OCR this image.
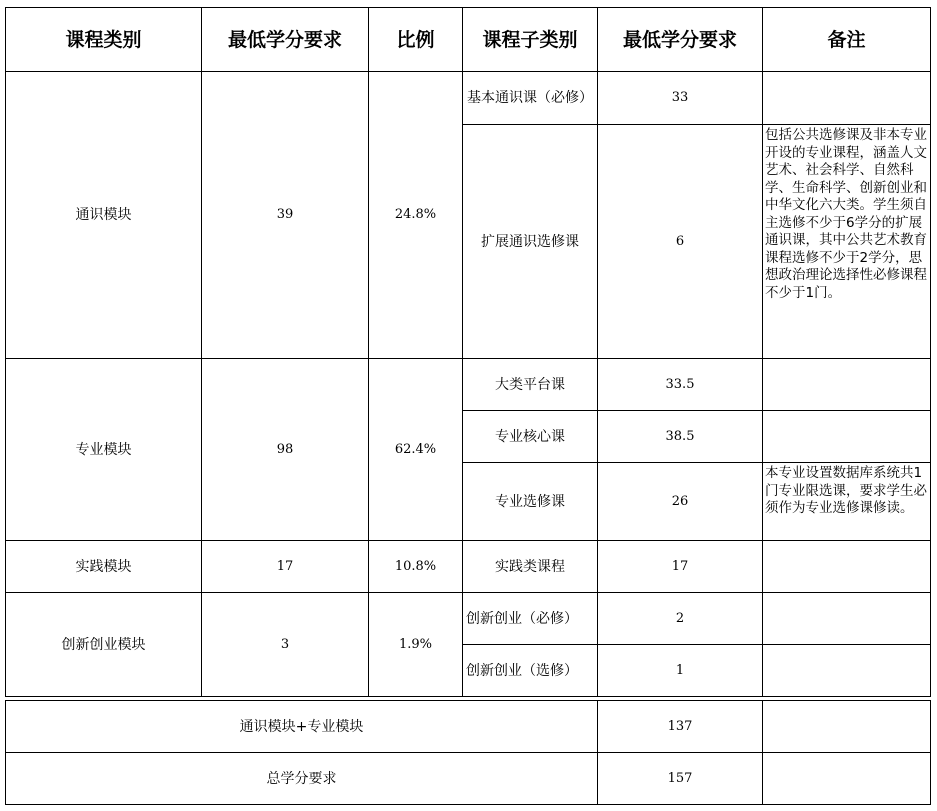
课程类别	最低学分要求	比例	课程子类别	最低学分要求	备注
通识模块	39	24.8%	基本通识课（必修）	33	
			扩展通识选修课	6	包括公共选修课及非本专业开设的专业课程，涵盖人文艺术、社会科学、自然科学、生命科学、创新创业和中华文化六大类。学生须自主选修不少于6学分的扩展通识课，其中公共艺术教育课程选修不少于2学分，思想政治理论选择性必修课程不少于1门。
专业模块	98	62.4%	大类平台课	33.5	
			专业核心课	38.5	
			专业选修课	26	本专业设置数据库系统共1门专业限选课，要求学生必须作为专业选修课修读。
实践模块	17	10.8%	实践类课程	17	
创新创业模块	3	1.9%	创新创业（必修）	2	
			创新创业（选修）	1	
通识模块+专业模块	137	
总学分要求	157	
